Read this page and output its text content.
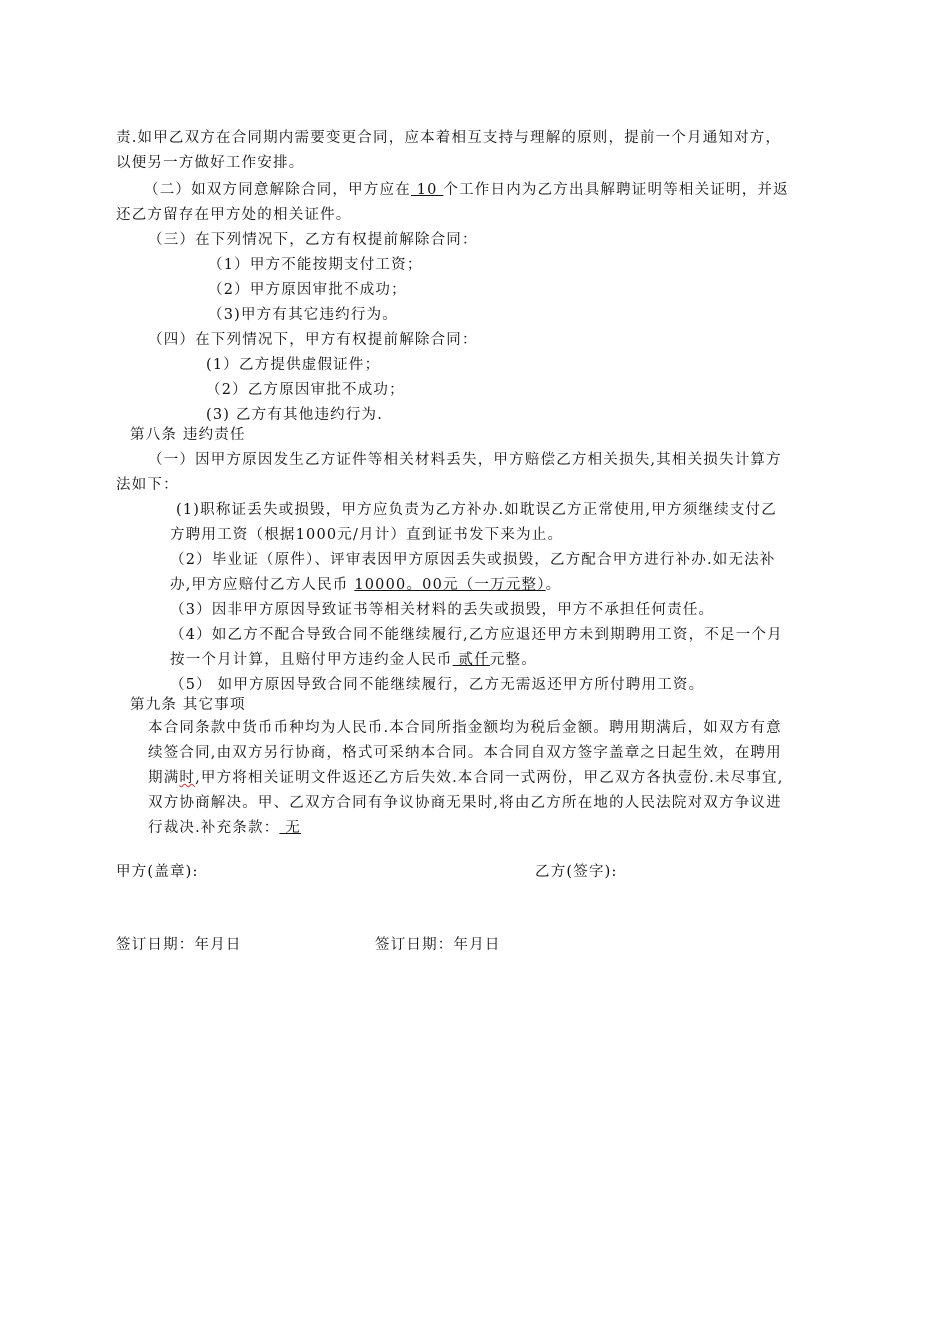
责.如甲乙双方在合同期内需要变更合同，应本着相互支持与理解的原则，提前一个月通知对方，
以便另一方做好工作安排。
（二）如双方同意解除合同，甲方应在 10 个工作日内为乙方出具解聘证明等相关证明，并返
还乙方留存在甲方处的相关证件。
（三）在下列情况下，乙方有权提前解除合同：
（1）甲方不能按期支付工资；
（2）甲方原因审批不成功；
（3)甲方有其它违约行为。
（四）在下列情况下，甲方有权提前解除合同：
(1）乙方提供虚假证件；
（2）乙方原因审批不成功；
(3) 乙方有其他违约行为.
第八条 违约责任
（一）因甲方原因发生乙方证件等相关材料丢失，甲方赔偿乙方相关损失,其相关损失计算方
法如下：
(1)职称证丢失或损毁，甲方应负责为乙方补办.如耽误乙方正常使用,甲方须继续支付乙
方聘用工资（根据1000元/月计）直到证书发下来为止。
（2）毕业证（原件）、评审表因甲方原因丢失或损毁，乙方配合甲方进行补办.如无法补
办,甲方应赔付乙方人民币 10000。00元（一万元整）。
（3）因非甲方原因导致证书等相关材料的丢失或损毁，甲方不承担任何责任。
（4）如乙方不配合导致合同不能继续履行,乙方应退还甲方未到期聘用工资，不足一个月
按一个月计算，且赔付甲方违约金人民币 贰仟元整。
（5） 如甲方原因导致合同不能继续履行，乙方无需返还甲方所付聘用工资。
第九条 其它事项
本合同条款中货币币种均为人民币.本合同所指金额均为税后金额。聘用期满后，如双方有意
续签合同,由双方另行协商，格式可采纳本合同。本合同自双方签字盖章之日起生效，在聘用
期满时,甲方将相关证明文件返还乙方后失效.本合同一式两份，甲乙双方各执壹份.未尽事宜,
双方协商解决。甲、乙双方合同有争议协商无果时,将由乙方所在地的人民法院对双方争议进
行裁决.补充条款： 无
甲方(盖章):	乙方(签字):
签订日期：年月日	签订日期：年月日
